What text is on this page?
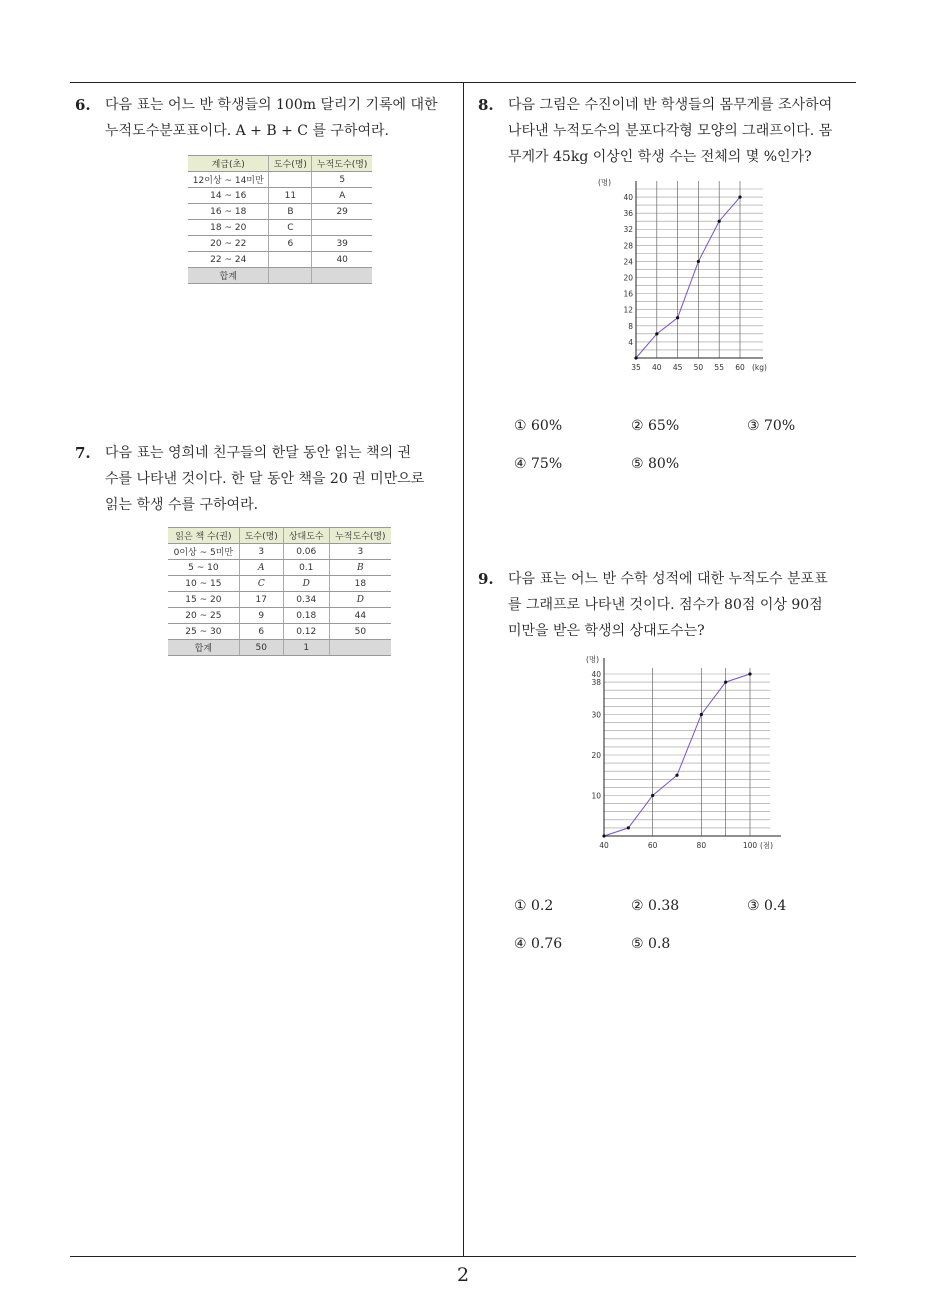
6. 다음 표는 어느 반 학생들의 100m 달리기 기록에 대한
누적도수분포표이다. A + B + C 를 구하여라.
계급(초)	도수(명)	누적도수(명)
12이상 ~ 14미만		5
14 ~ 16	11	A
16 ~ 18	B	29
18 ~ 20	C	
20 ~ 22	6	39
22 ~ 24		40
합계		
7. 다음 표는 영희네 친구들의 한달 동안 읽는 책의 권
수를 나타낸 것이다. 한 달 동안 책을 20 권 미만으로
읽는 학생 수를 구하여라.
읽은 책 수(권)	도수(명)	상대도수	누적도수(명)
0이상 ~ 5미만	3	0.06	3
5 ~ 10	A	0.1	B
10 ~ 15	C	D	18
15 ~ 20	17	0.34	D
20 ~ 25	9	0.18	44
25 ~ 30	6	0.12	50
합계	50	1	
8. 다음 그림은 수진이네 반 학생들의 몸무게를 조사하여
나타낸 누적도수의 분포다각형 모양의 그래프이다. 몸
무게가 45kg 이상인 학생 수는 전체의 몇 %인가?
4
8
12
16
20
24
28
32
36
40
35 40 45 50 55 60 (kg)
(명)
① 60%	② 65%	③ 70%
④ 75%	⑤ 80%
9. 다음 표는 어느 반 수학 성적에 대한 누적도수 분포표
를 그래프로 나타낸 것이다. 점수가 80점 이상 90점
미만을 받은 학생의 상대도수는?
10
20
30
38
40
40	60	80	100 (점)
(명)
① 0.2	② 0.38	③ 0.4
④ 0.76	⑤ 0.8
2
